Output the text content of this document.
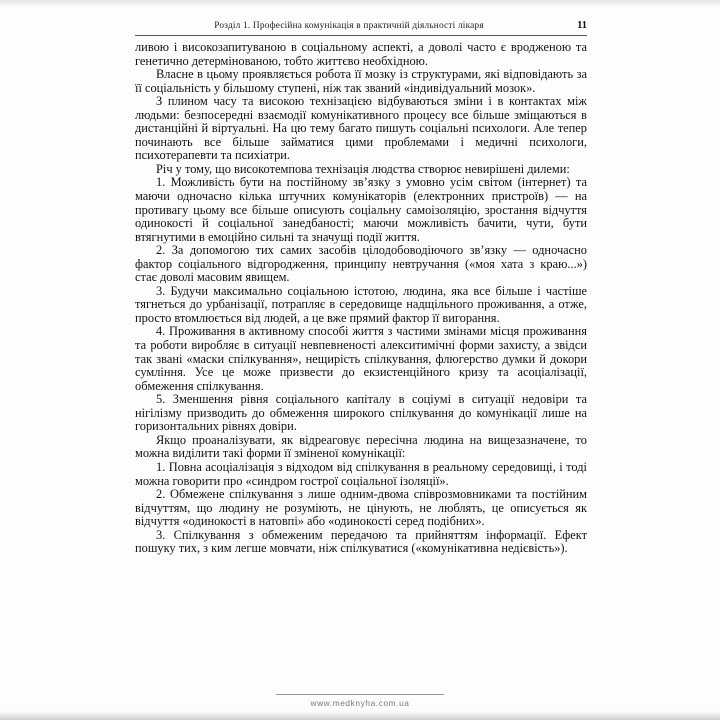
Розділ 1. Професійна комунікація в практичній діяльності лікаря	11

ливою і високозапитуваною в соціальному аспекті, а доволі часто є вродженою та генетично детермінованою, тобто життєво необхідною.

Власне в цьому проявляється робота її мозку із структурами, які відповідають за її соціальність у більшому ступені, ніж так званий «індивідуальний мозок».

З плином часу та високою технізацією відбуваються зміни і в контактах між людьми: безпосередні взаємодії комунікативного процесу все більше зміщаються в дистанційні й віртуальні. На цю тему багато пишуть соціальні психологи. Але тепер починають все більше займатися цими проблемами і медичні психологи, психотерапевти та психіатри.

Річ у тому, що високотемпова технізація людства створює невирішені дилеми:

1. Можливість бути на постійному зв’язку з умовно усім світом (інтернет) та маючи одночасно кілька штучних комунікаторів (електронних пристроїв) — на противагу цьому все більше описують соціальну самоізоляцію, зростання відчуття одинокості й соціальної занедбаності; маючи можливість бачити, чути, бути втягнутими в емоційно сильні та значущі події життя.

2. За допомогою тих самих засобів цілодобоводіючого зв’язку — одночасно фактор соціального відгородження, принципу невтручання («моя хата з краю...») стає доволі масовим явищем.

3. Будучи максимально соціальною істотою, людина, яка все більше і частіше тягнеться до урбанізації, потрапляє в середовище надщільного проживання, а отже, просто втомлюється від людей, а це вже прямий фактор її вигорання.

4. Проживання в активному способі життя з частими змінами місця проживання та роботи виробляє в ситуації невпевненості алекситимічні форми захисту, а звідси так звані «маски спілкування», нещирість спілкування, флюгерство думки й докори сумління. Усе це може призвести до екзистенційного кризу та асоціалізації, обмеження спілкування.

5. Зменшення рівня соціального капіталу в соціумі в ситуації недовіри та нігілізму призводить до обмеження широкого спілкування до комунікації лише на горизонтальних рівнях довіри.

Якщо проаналізувати, як відреаговує пересічна людина на вищезазначене, то можна виділити такі форми її зміненої комунікації:

1. Повна асоціалізація з відходом від спілкування в реальному середовищі, і тоді можна говорити про «синдром гострої соціальної ізоляції».

2. Обмежене спілкування з лише одним-двома співрозмовниками та постійним відчуттям, що людину не розуміють, не цінують, не люблять, це описується як відчуття «одинокості в натовпі» або «одинокості серед подібних».

3. Спілкування з обмеженим передачою та прийняттям інформації. Ефект пошуку тих, з ким легше мовчати, ніж спілкуватися («комунікативна недієвість»).

www.medknyha.com.ua
